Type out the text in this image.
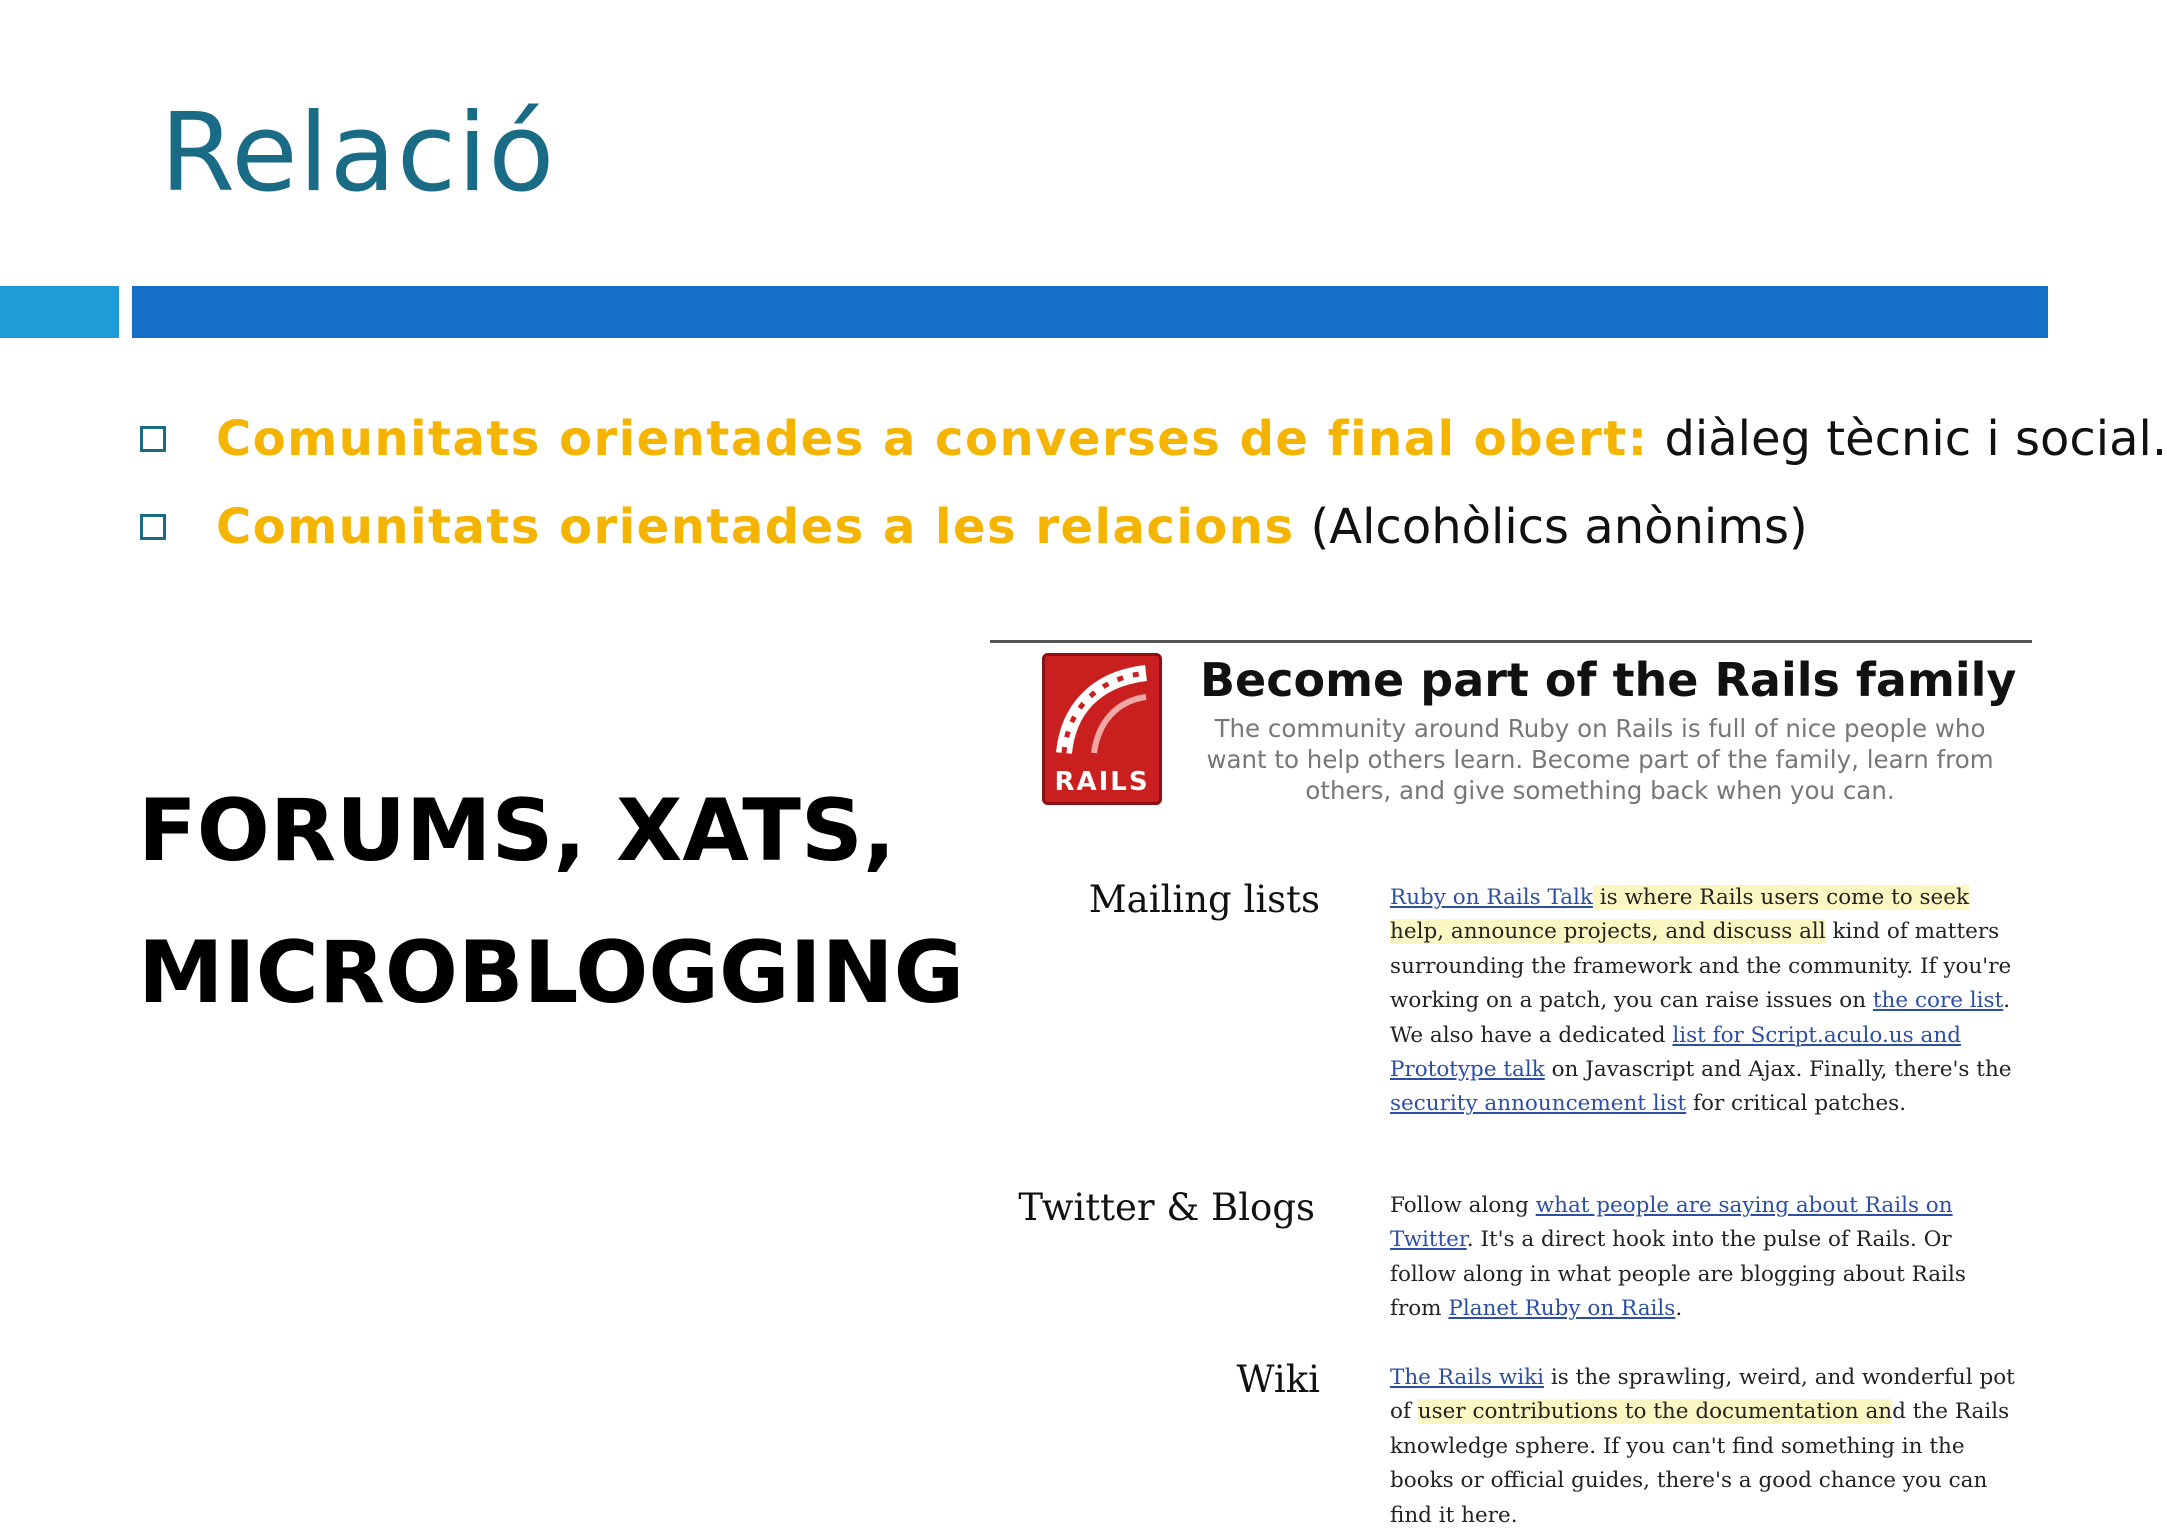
Relació
Comunitats orientades a converses de final obert: diàleg tècnic i social.
Comunitats orientades a les relacions (Alcohòlics anònims)
FORUMS, XATS,
MICROBLOGGING
RAILS
Become part of the Rails family
The community around Ruby on Rails is full of nice people who want to help others learn. Become part of the family, learn from others, and give something back when you can.
Mailing lists	Ruby on Rails Talk is where Rails users come to seek help, announce projects, and discuss all kind of matters surrounding the framework and the community. If you're working on a patch, you can raise issues on the core list. We also have a dedicated list for Script.aculo.us and Prototype talk on Javascript and Ajax. Finally, there's the security announcement list for critical patches.
Twitter & Blogs	Follow along what people are saying about Rails on Twitter. It's a direct hook into the pulse of Rails. Or follow along in what people are blogging about Rails from Planet Ruby on Rails.
Wiki	The Rails wiki is the sprawling, weird, and wonderful pot of user contributions to the documentation and the Rails knowledge sphere. If you can't find something in the books or official guides, there's a good chance you can find it here.
